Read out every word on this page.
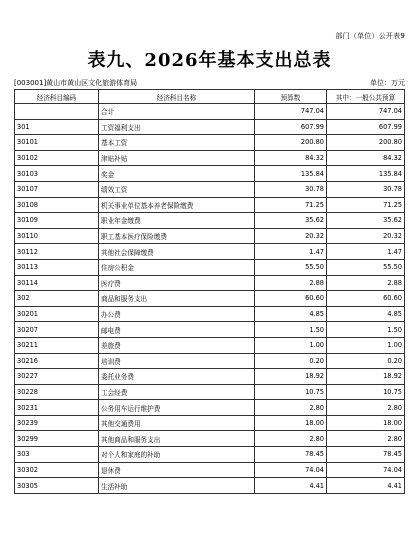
部门（单位）公开表9
表九、2026年基本支出总表
[003001]黄山市黄山区文化旅游体育局	单位：万元
经济科目编码	经济科目名称	预算数	其中：一般公共预算
	合计	747.04	747.04
301	工资福利支出	607.99	607.99
30101	基本工资	200.80	200.80
30102	津贴补贴	84.32	84.32
30103	奖金	135.84	135.84
30107	绩效工资	30.78	30.78
30108	机关事业单位基本养老保险缴费	71.25	71.25
30109	职业年金缴费	35.62	35.62
30110	职工基本医疗保险缴费	20.32	20.32
30112	其他社会保障缴费	1.47	1.47
30113	住房公积金	55.50	55.50
30114	医疗费	2.88	2.88
302	商品和服务支出	60.60	60.60
30201	办公费	4.85	4.85
30207	邮电费	1.50	1.50
30211	差旅费	1.00	1.00
30216	培训费	0.20	0.20
30227	委托业务费	18.92	18.92
30228	工会经费	10.75	10.75
30231	公务用车运行维护费	2.80	2.80
30239	其他交通费用	18.00	18.00
30299	其他商品和服务支出	2.80	2.80
303	对个人和家庭的补助	78.45	78.45
30302	退休费	74.04	74.04
30305	生活补助	4.41	4.41
